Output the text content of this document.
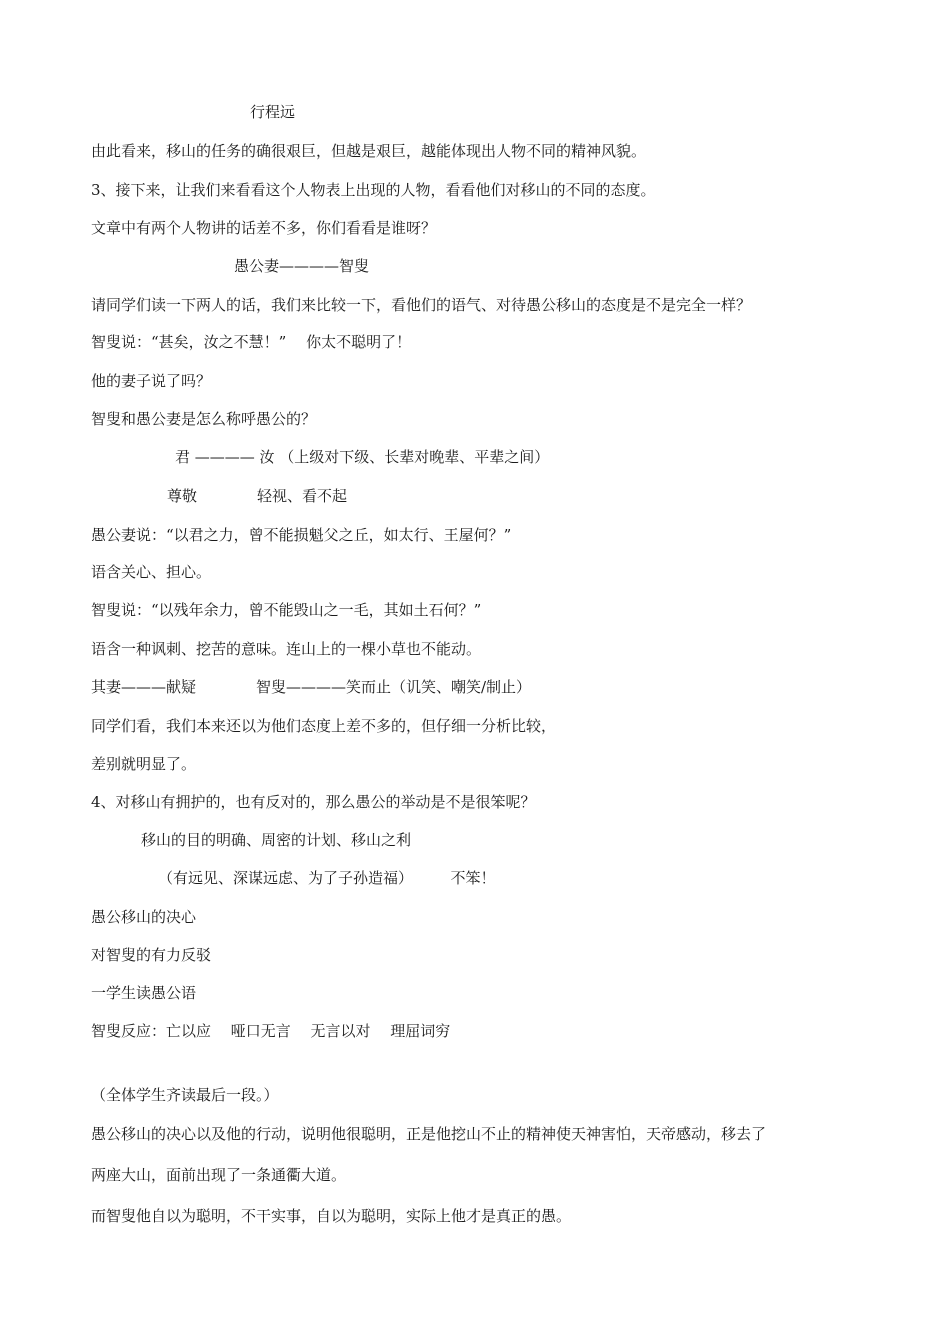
行程远
由此看来，移山的任务的确很艰巨，但越是艰巨，越能体现出人物不同的精神风貌。
3、接下来，让我们来看看这个人物表上出现的人物，看看他们对移山的不同的态度。
文章中有两个人物讲的话差不多，你们看看是谁呀？
愚公妻————智叟
请同学们读一下两人的话，我们来比较一下，看他们的语气、对待愚公移山的态度是不是完全一样？
智叟说：“甚矣，汝之不慧！”　 你太不聪明了！
他的妻子说了吗？
智叟和愚公妻是怎么称呼愚公的？
君 ———— 汝 （上级对下级、长辈对晚辈、平辈之间）
尊敬　　　　轻视、看不起
愚公妻说：“以君之力，曾不能损魁父之丘，如太行、王屋何？”
语含关心、担心。
智叟说：“以残年余力，曾不能毁山之一毛，其如土石何？”
语含一种讽刺、挖苦的意味。连山上的一棵小草也不能动。
其妻———献疑　　　　智叟————笑而止（讥笑、嘲笑/制止）
同学们看，我们本来还以为他们态度上差不多的，但仔细一分析比较，
差别就明显了。
4、对移山有拥护的，也有反对的，那么愚公的举动是不是很笨呢？
移山的目的明确、周密的计划、移山之利
（有远见、深谋远虑、为了子孙造福）　　　不笨！
愚公移山的决心
对智叟的有力反驳
一学生读愚公语
智叟反应：亡以应　 哑口无言　 无言以对　 理屈词穷
（全体学生齐读最后一段。）
愚公移山的决心以及他的行动，说明他很聪明，正是他挖山不止的精神使天神害怕，天帝感动，移去了
两座大山，面前出现了一条通衢大道。
而智叟他自以为聪明，不干实事，自以为聪明，实际上他才是真正的愚。
